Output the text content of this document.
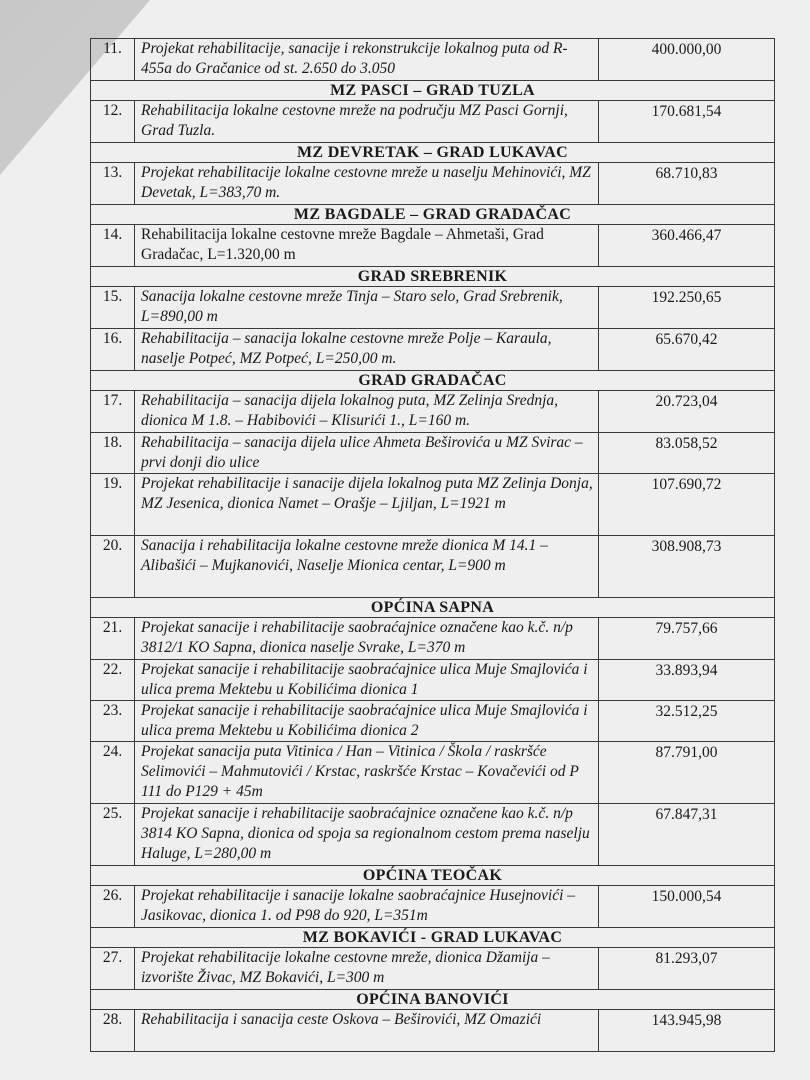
11.	Projekat rehabilitacije, sanacije i rekonstrukcije lokalnog puta od R-455a do Gračanice od st. 2.650 do 3.050	400.000,00
MZ PASCI – GRAD TUZLA		
12.	Rehabilitacija lokalne cestovne mreže na području MZ Pasci Gornji, Grad Tuzla.	170.681,54
MZ DEVRETAK – GRAD LUKAVAC		
13.	Projekat rehabilitacije lokalne cestovne mreže u naselju Mehinovići, MZ Devetak, L=383,70 m.	68.710,83
MZ BAGDALE – GRAD GRADAČAC		
14.	Rehabilitacija lokalne cestovne mreže Bagdale – Ahmetaši, Grad Gradačac, L=1.320,00 m	360.466,47
GRAD SREBRENIK		
15.	Sanacija lokalne cestovne mreže Tinja – Staro selo, Grad Srebrenik, L=890,00 m	192.250,65
16.	Rehabilitacija – sanacija lokalne cestovne mreže Polje – Karaula, naselje Potpeć, MZ Potpeć, L=250,00 m.	65.670,42
GRAD GRADAČAC		
17.	Rehabilitacija – sanacija dijela lokalnog puta, MZ Zelinja Srednja, dionica M 1.8. – Habibovići – Klisurići 1., L=160 m.	20.723,04
18.	Rehabilitacija – sanacija dijela ulice Ahmeta Beširovića u MZ Svirac – prvi donji dio ulice	83.058,52
19.	Projekat rehabilitacije i sanacije dijela lokalnog puta MZ Zelinja Donja, MZ Jesenica, dionica Namet – Orašje – Ljiljan, L=1921 m	107.690,72
20.	Sanacija i rehabilitacija lokalne cestovne mreže dionica M 14.1 – Alibašići – Mujkanovići, Naselje Mionica centar, L=900 m	308.908,73
OPĆINA SAPNA		
21.	Projekat sanacije i rehabilitacije saobraćajnice označene kao k.č. n/p 3812/1 KO Sapna, dionica naselje Svrake, L=370 m	79.757,66
22.	Projekat sanacije i rehabilitacije saobraćajnice ulica Muje Smajlovića i ulica prema Mektebu u Kobilićima dionica 1	33.893,94
23.	Projekat sanacije i rehabilitacije saobraćajnice ulica Muje Smajlovića i ulica prema Mektebu u Kobilićima dionica 2	32.512,25
24.	Projekat sanacija puta Vitinica / Han – Vitinica / Škola / raskršće Selimovići – Mahmutovići / Krstac, raskršće Krstac – Kovačevići od P 111 do P129 + 45m	87.791,00
25.	Projekat sanacije i rehabilitacije saobraćajnice označene kao k.č. n/p 3814 KO Sapna, dionica od spoja sa regionalnom cestom prema naselju Haluge, L=280,00 m	67.847,31
OPĆINA TEOČAK		
26.	Projekat rehabilitacije i sanacije lokalne saobraćajnice Husejnovići – Jasikovac, dionica 1. od P98 do 920, L=351m	150.000,54
MZ BOKAVIĆI - GRAD LUKAVAC		
27.	Projekat rehabilitacije lokalne cestovne mreže, dionica Džamija – izvorište Živac, MZ Bokavići, L=300 m	81.293,07
OPĆINA BANOVIĆI		
28.	Rehabilitacija i sanacija ceste Oskova – Beširovići, MZ Omazići	143.945,98
